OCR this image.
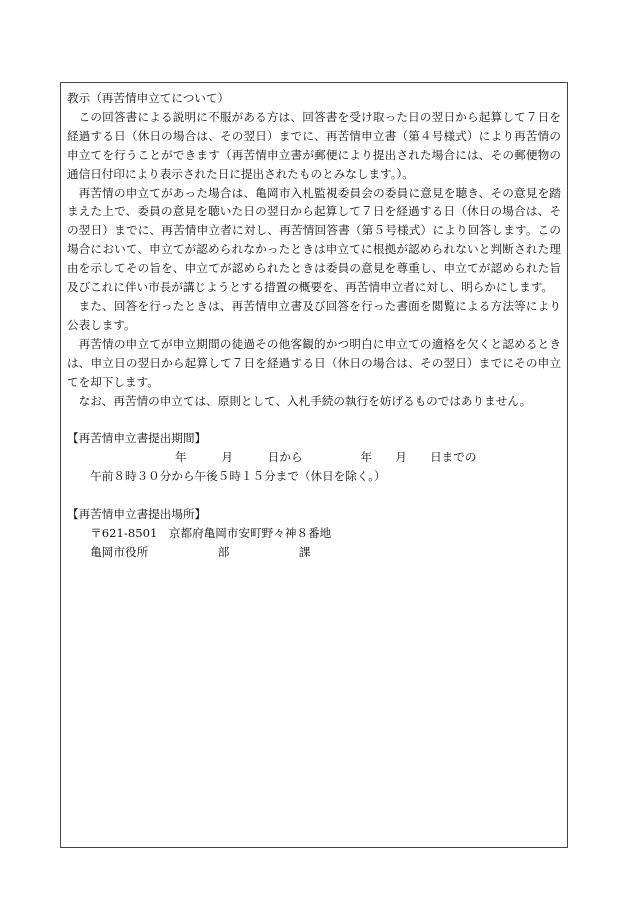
教示（再苦情申立てについて）

この回答書による説明に不服がある方は、回答書を受け取った日の翌日から起算して７日を経過する日（休日の場合は、その翌日）までに、再苦情申立書（第４号様式）により再苦情の申立てを行うことができます（再苦情申立書が郵便により提出された場合には、その郵便物の通信日付印により表示された日に提出されたものとみなします。）。

再苦情の申立てがあった場合は、亀岡市入札監視委員会の委員に意見を聴き、その意見を踏まえた上で、委員の意見を聴いた日の翌日から起算して７日を経過する日（休日の場合は、その翌日）までに、再苦情申立者に対し、再苦情回答書（第５号様式）により回答します。この場合において、申立てが認められなかったときは申立てに根拠が認められないと判断された理由を示してその旨を、申立てが認められたときは委員の意見を尊重し、申立てが認められた旨及びこれに伴い市長が講じようとする措置の概要を、再苦情申立者に対し、明らかにします。

また、回答を行ったときは、再苦情申立書及び回答を行った書面を閲覧による方法等により公表します。

再苦情の申立てが申立期間の徒過その他客観的かつ明白に申立ての適格を欠くと認めるときは、申立日の翌日から起算して７日を経過する日（休日の場合は、その翌日）までにその申立てを却下します。

なお、再苦情の申立ては、原則として、入札手続の執行を妨げるものではありません。

【再苦情申立書提出期間】

年　　　月　　　日から　　　　　年　　月　　日までの

午前８時３０分から午後５時１５分まで（休日を除く。）

【再苦情申立書提出場所】

〒621-8501　京都府亀岡市安町野々神８番地

亀岡市役所　　　　　　部　　　　　　課
